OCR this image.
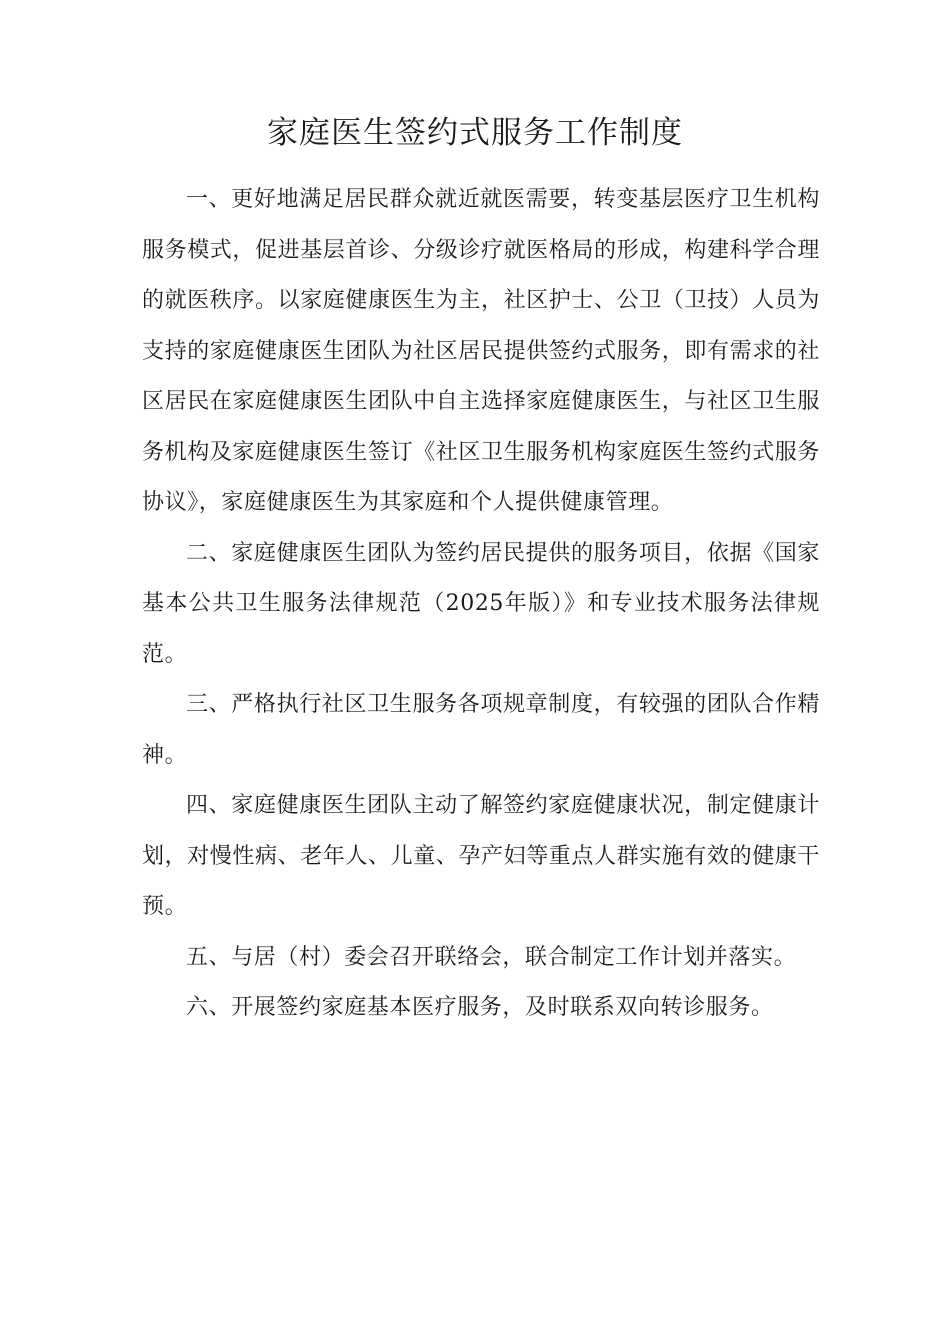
家庭医生签约式服务工作制度

一、更好地满足居民群众就近就医需要，转变基层医疗卫生机构服务模式，促进基层首诊、分级诊疗就医格局的形成，构建科学合理的就医秩序。以家庭健康医生为主，社区护士、公卫（卫技）人员为支持的家庭健康医生团队为社区居民提供签约式服务，即有需求的社区居民在家庭健康医生团队中自主选择家庭健康医生，与社区卫生服务机构及家庭健康医生签订《社区卫生服务机构家庭医生签约式服务协议》，家庭健康医生为其家庭和个人提供健康管理。

二、家庭健康医生团队为签约居民提供的服务项目，依据《国家基本公共卫生服务法律规范（2025年版）》和专业技术服务法律规范。

三、严格执行社区卫生服务各项规章制度，有较强的团队合作精神。

四、家庭健康医生团队主动了解签约家庭健康状况，制定健康计划，对慢性病、老年人、儿童、孕产妇等重点人群实施有效的健康干预。

五、与居（村）委会召开联络会，联合制定工作计划并落实。

六、开展签约家庭基本医疗服务，及时联系双向转诊服务。
